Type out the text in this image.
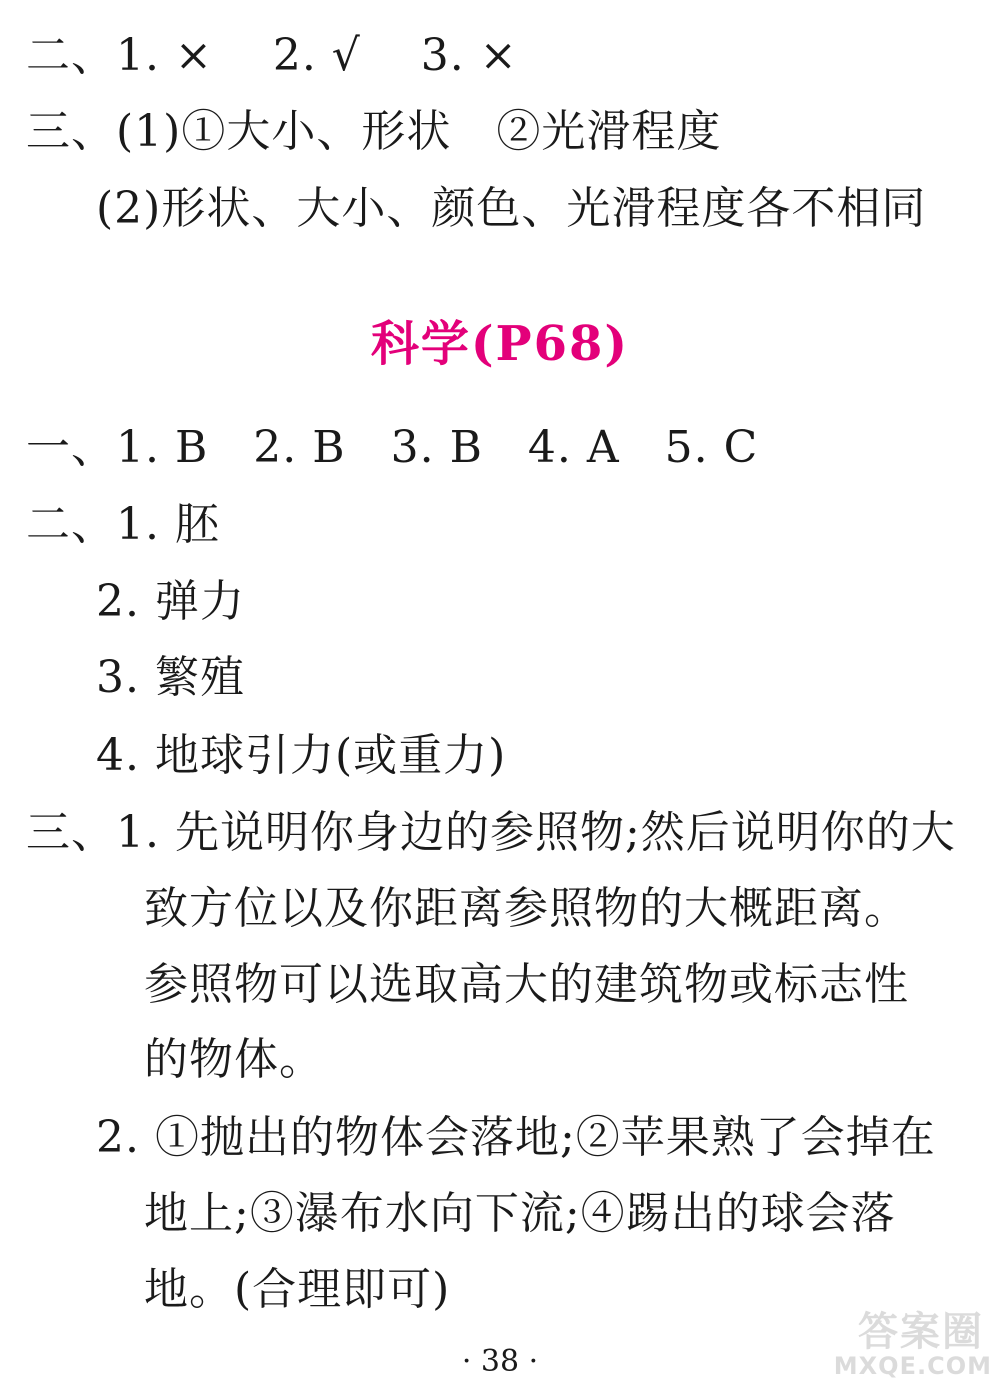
二、1. ×　 2. √　 3. ×
三、(1)①大小、形状　②光滑程度
(2)形状、大小、颜色、光滑程度各不相同
科学(P68)
一、1. B　2. B　3. B　4. A　5. C
二、1. 胚
2. 弹力
3. 繁殖
4. 地球引力(或重力)
三、1. 先说明你身边的参照物;然后说明你的大
致方位以及你距离参照物的大概距离。
参照物可以选取高大的建筑物或标志性
的物体。
2. ①抛出的物体会落地;②苹果熟了会掉在
地上;③瀑布水向下流;④踢出的球会落
地。(合理即可)
· 38 ·
答案圈
MXQE.COM
